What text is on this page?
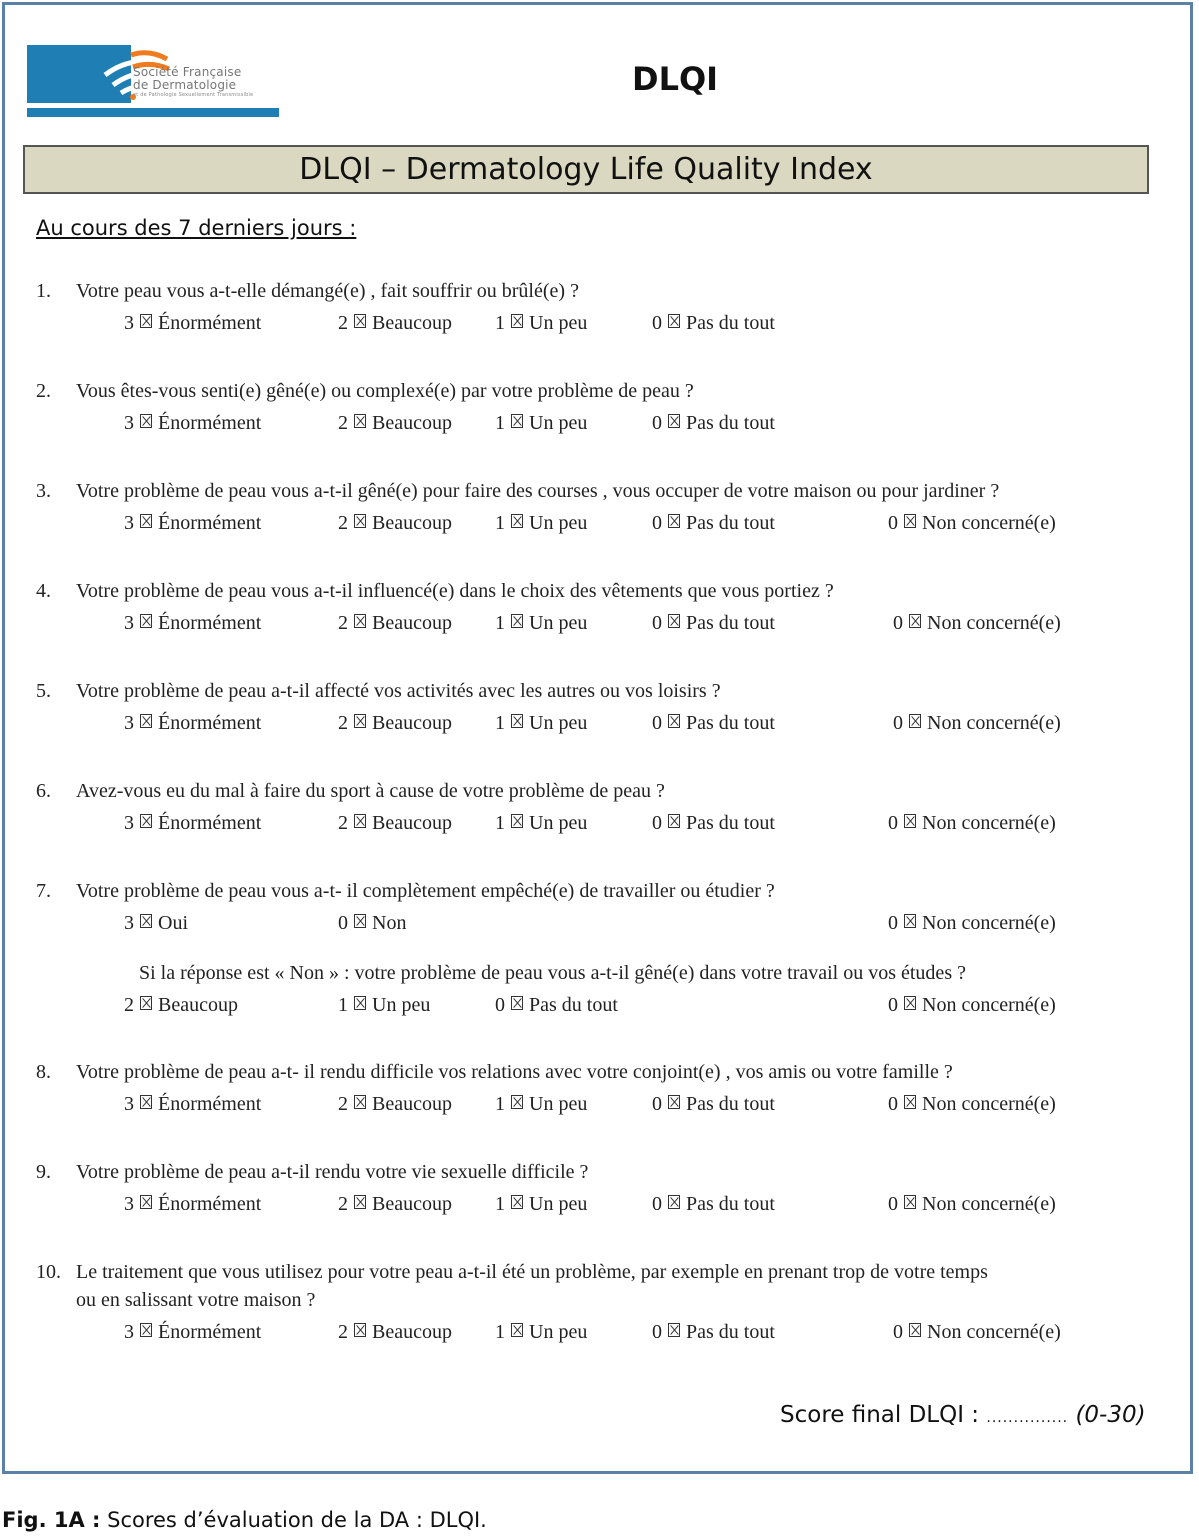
Société Française
de Dermatologie
et de Pathologie Sexuellement Transmissible	DLQI
DLQI – Dermatology Life Quality Index
Au cours des 7 derniers jours :
1. Votre peau vous a-t-elle démangé(e) , fait souffrir ou brûlé(e) ?
3 Énormément	2 Beaucoup 1 Un peu	0 Pas du tout
2. Vous êtes-vous senti(e) gêné(e) ou complexé(e) par votre problème de peau ?
3 Énormément	2 Beaucoup 1 Un peu	0 Pas du tout
3. Votre problème de peau vous a-t-il gêné(e) pour faire des courses , vous occuper de votre maison ou pour jardiner ?
3 Énormément	2 Beaucoup 1 Un peu	0 Pas du tout	0 Non concerné(e)
4. Votre problème de peau vous a-t-il influencé(e) dans le choix des vêtements que vous portiez ?
3 Énormément	2 Beaucoup 1 Un peu	0 Pas du tout	0 Non concerné(e)
5. Votre problème de peau a-t-il affecté vos activités avec les autres ou vos loisirs ?
3 Énormément	2 Beaucoup 1 Un peu	0 Pas du tout	0 Non concerné(e)
6. Avez-vous eu du mal à faire du sport à cause de votre problème de peau ?
3 Énormément	2 Beaucoup 1 Un peu	0 Pas du tout	0 Non concerné(e)
7. Votre problème de peau vous a-t- il complètement empêché(e) de travailler ou étudier ?
3 Oui	0 Non	0 Non concerné(e)
Si la réponse est « Non » : votre problème de peau vous a-t-il gêné(e) dans votre travail ou vos études ?
2 Beaucoup	1 Un peu	0 Pas du tout	0 Non concerné(e)
8. Votre problème de peau a-t- il rendu difficile vos relations avec votre conjoint(e) , vos amis ou votre famille ?
3 Énormément	2 Beaucoup 1 Un peu	0 Pas du tout	0 Non concerné(e)
9. Votre problème de peau a-t-il rendu votre vie sexuelle difficile ?
3 Énormément	2 Beaucoup 1 Un peu	0 Pas du tout	0 Non concerné(e)
10. Le traitement que vous utilisez pour votre peau a-t-il été un problème, par exemple en prenant trop de votre temps
ou en salissant votre maison ?
3 Énormément	2 Beaucoup 1 Un peu	0 Pas du tout	0 Non concerné(e)
Score final DLQI : ............... (0-30)
Fig. 1A : Scores d’évaluation de la DA : DLQI.
